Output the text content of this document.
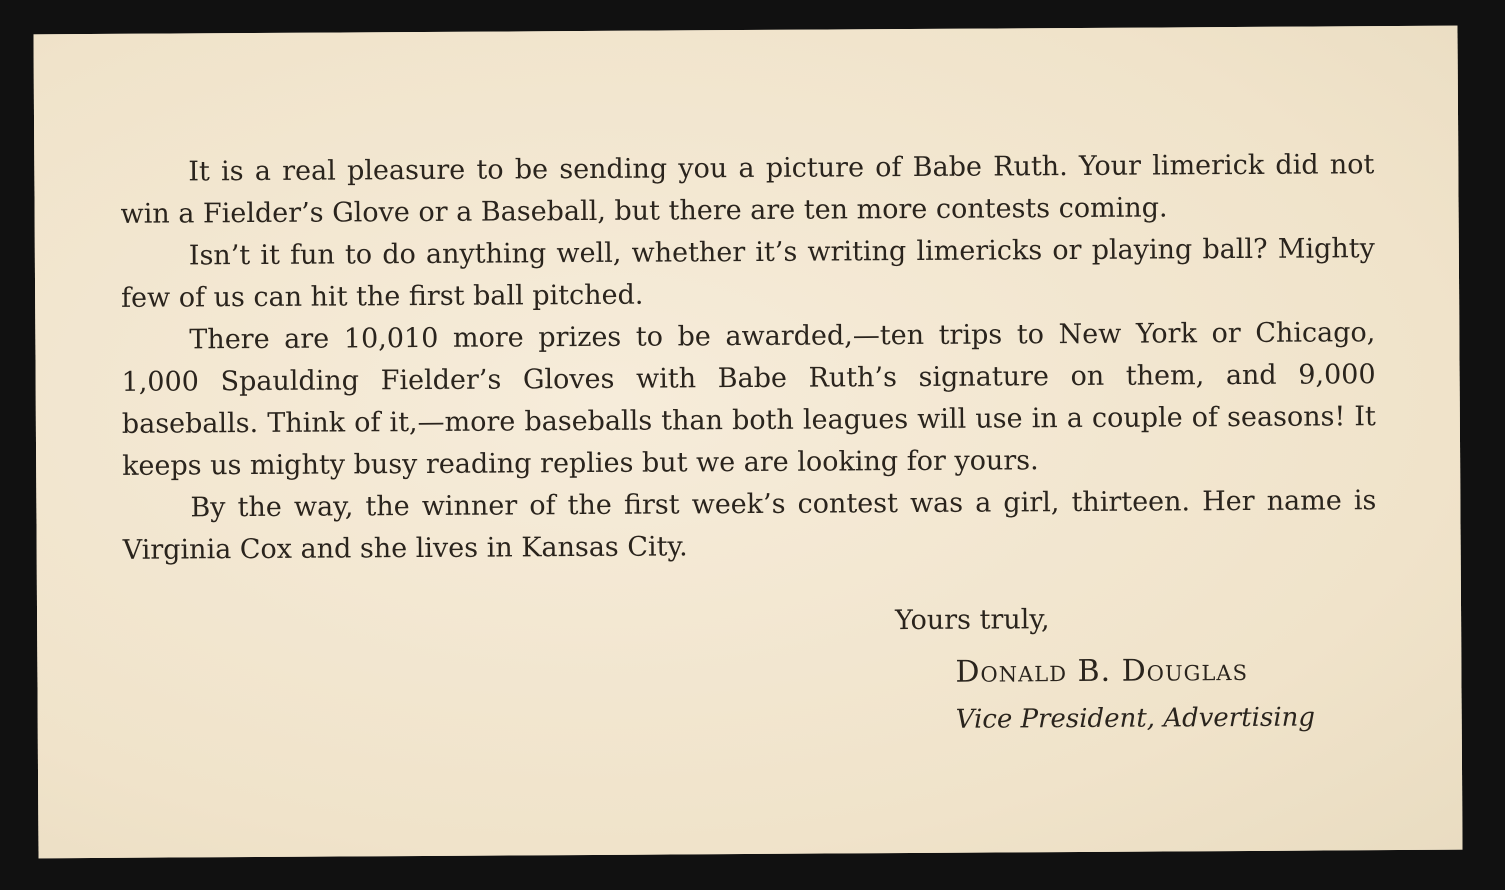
It is a real pleasure to be sending you a picture of Babe Ruth. Your limerick did not win a Fielder’s Glove or a Baseball, but there are ten more contests coming.

Isn’t it fun to do anything well, whether it’s writing limericks or playing ball? Mighty few of us can hit the first ball pitched.

There are 10,010 more prizes to be awarded,—ten trips to New York or Chicago, 1,000 Spaulding Fielder’s Gloves with Babe Ruth’s signature on them, and 9,000 baseballs. Think of it,—more baseballs than both leagues will use in a couple of seasons! It keeps us mighty busy reading replies but we are looking for yours.

By the way, the winner of the first week’s contest was a girl, thirteen. Her name is Virginia Cox and she lives in Kansas City.

Yours truly,
Donald B. Douglas
Vice President, Advertising
